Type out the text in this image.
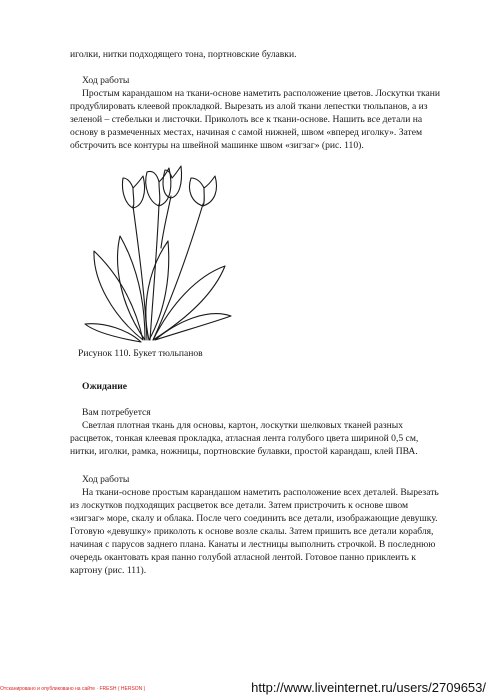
иголки, нитки подходящего тона, портновские булавки.

Ход работы

Простым карандашом на ткани-основе наметить расположение цветов. Лоскутки ткани

продублировать клеевой прокладкой. Вырезать из алой ткани лепестки тюльпанов, а из

зеленой – стебельки и листочки. Приколоть все к ткани-основе. Нашить все детали на

основу в размеченных местах, начиная с самой нижней, швом «вперед иголку». Затем

обстрочить все контуры на швейной машинке швом «зигзаг» (рис. 110).

Рисунок 110. Букет тюльпанов

Ожидание

Вам потребуется

Светлая плотная ткань для основы, картон, лоскутки шелковых тканей разных

расцветок, тонкая клеевая прокладка, атласная лента голубого цвета шириной 0,5 см,

нитки, иголки, рамка, ножницы, портновские булавки, простой карандаш, клей ПВА.

Ход работы

На ткани-основе простым карандашом наметить расположение всех деталей. Вырезать

из лоскутков подходящих расцветок все детали. Затем пристрочить к основе швом

«зигзаг» море, скалу и облака. После чего соединить все детали, изображающие девушку.

Готовую «девушку» приколоть к основе возле скалы. Затем пришить все детали корабля,

начиная с парусов заднего плана. Канаты и лестницы выполнить строчкой. В последнюю

очередь окантовать края панно голубой атласной лентой. Готовое панно приклеить к

картону (рис. 111).

Отсканировано и опубликовано на сайте · FRESH ( HERSON )	http://www.liveinternet.ru/users/2709653/
